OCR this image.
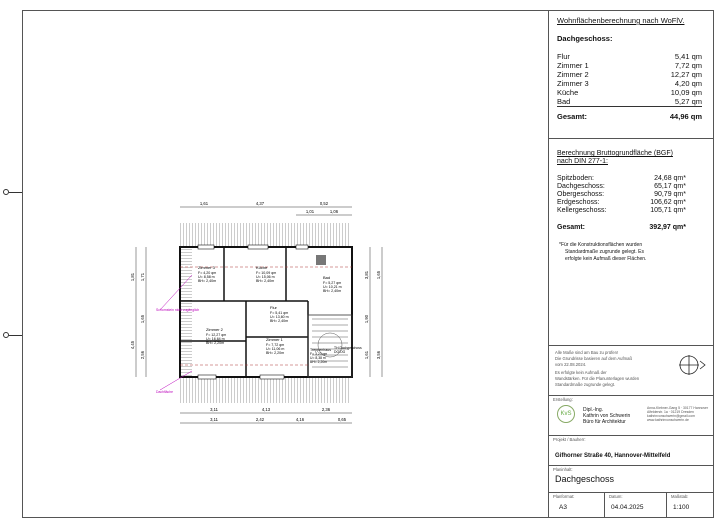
1,61	4,37	0,52
1,01	1,06
3,11	4,13	2,36
3,11	2,42	4,16	0,65
1,81 1,71
1,65
4,45
2,56
3,81 1,65
1,90
1,61 3,56
Zimmer 3
F= 4,20 qm
U= 8,58 m
BH= 2,40m
Küche
F= 10,09 qm
U= 15,06 m
BH= 2,40m
Bad
F= 5,27 qm
U= 10,21 m
BH= 2,40m
Flur
F= 5,41 qm
U= 13,60 m
BH= 2,40m
Zimmer 2
F= 12,27 qm
U= 16,64 m
BH= 2,20m
Zimmer 1
F= 7,72 qm
U= 11,06 m
BH= 2,20m
Treppenhaus
F= 3,23 qm
U= 8,38 m
BH= 2,20m
TH Dachgeschoss
DG/OG
Schornstein nicht zugänglich
Dachfläche
Wohnflächenberechnung nach WoFlV.
Dachgeschoss:
Flur	5,41 qm
Zimmer 1	7,72 qm
Zimmer 2	12,27 qm
Zimmer 3	4,20 qm
Küche	10,09 qm
Bad	5,27 qm
Gesamt:	44,96 qm
Berechnung Bruttogrundfläche (BGF)
nach DIN 277-1:
Spitzboden:	24,68 qm*
Dachgeschoss:	65,17 qm*
Obergeschoss:	90,79 qm*
Erdgeschoss:	106,62 qm*
Kellergeschoss:	105,71 qm*
Gesamt:	392,97 qm*
*Für die Konstruktionsflächen wurden
Standardmaße zugrunde gelegt. Es
erfolgte kein Aufmaß dieser Flächen.
Alle Maße sind am Bau zu prüfen!
Die Grundrisse basieren auf dem Aufmaß
vom 22.08.2024.
Es erfolgte kein Aufmaß der
Wandstärken. Für die Planunterlagen wurden
Standardmaße zugrunde gelegt.
Erstellung:
KvS
Dipl.-Ing.
Kathrin von Schwerin
Büro für Architektur
Anna-Kiebner-Gang 5 · 30177 Hannover
Alfelderstr. 1a · 01219 Dresden
kathrinvonschwerin@gmail.com
www.kathrinvonschwerin.de
Projekt / Bauherr:
Gifhorner Straße 40, Hannover-Mittelfeld
Planinhalt:
Dachgeschoss
Planformat:
A3
Datum:
04.04.2025
Maßstab:
1:100
